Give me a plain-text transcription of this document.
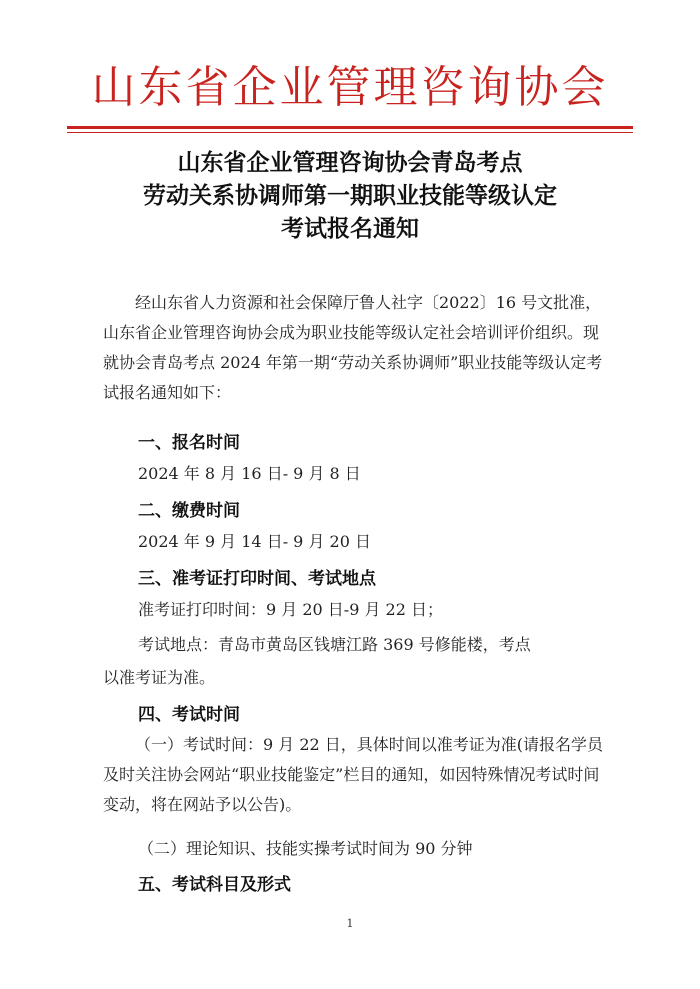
山东省企业管理咨询协会
山东省企业管理咨询协会青岛考点
劳动关系协调师第一期职业技能等级认定
考试报名通知
经山东省人力资源和社会保障厅鲁人社字〔2022〕16 号文批准，山东省企业管理咨询协会成为职业技能等级认定社会培训评价组织。现就协会青岛考点 2024 年第一期“劳动关系协调师”职业技能等级认定考试报名通知如下：
一、报名时间
2024 年 8 月 16 日- 9 月 8 日
二、缴费时间
2024 年 9 月 14 日- 9 月 20 日
三、准考证打印时间、考试地点
准考证打印时间：9 月 20 日-9 月 22 日；
考试地点：青岛市黄岛区钱塘江路 369 号修能楼，考点
以准考证为准。
四、考试时间
（一）考试时间：9 月 22 日，具体时间以准考证为准(请报名学员及时关注协会网站“职业技能鉴定”栏目的通知，如因特殊情况考试时间变动，将在网站予以公告)。
（二）理论知识、技能实操考试时间为 90 分钟
五、考试科目及形式
1
